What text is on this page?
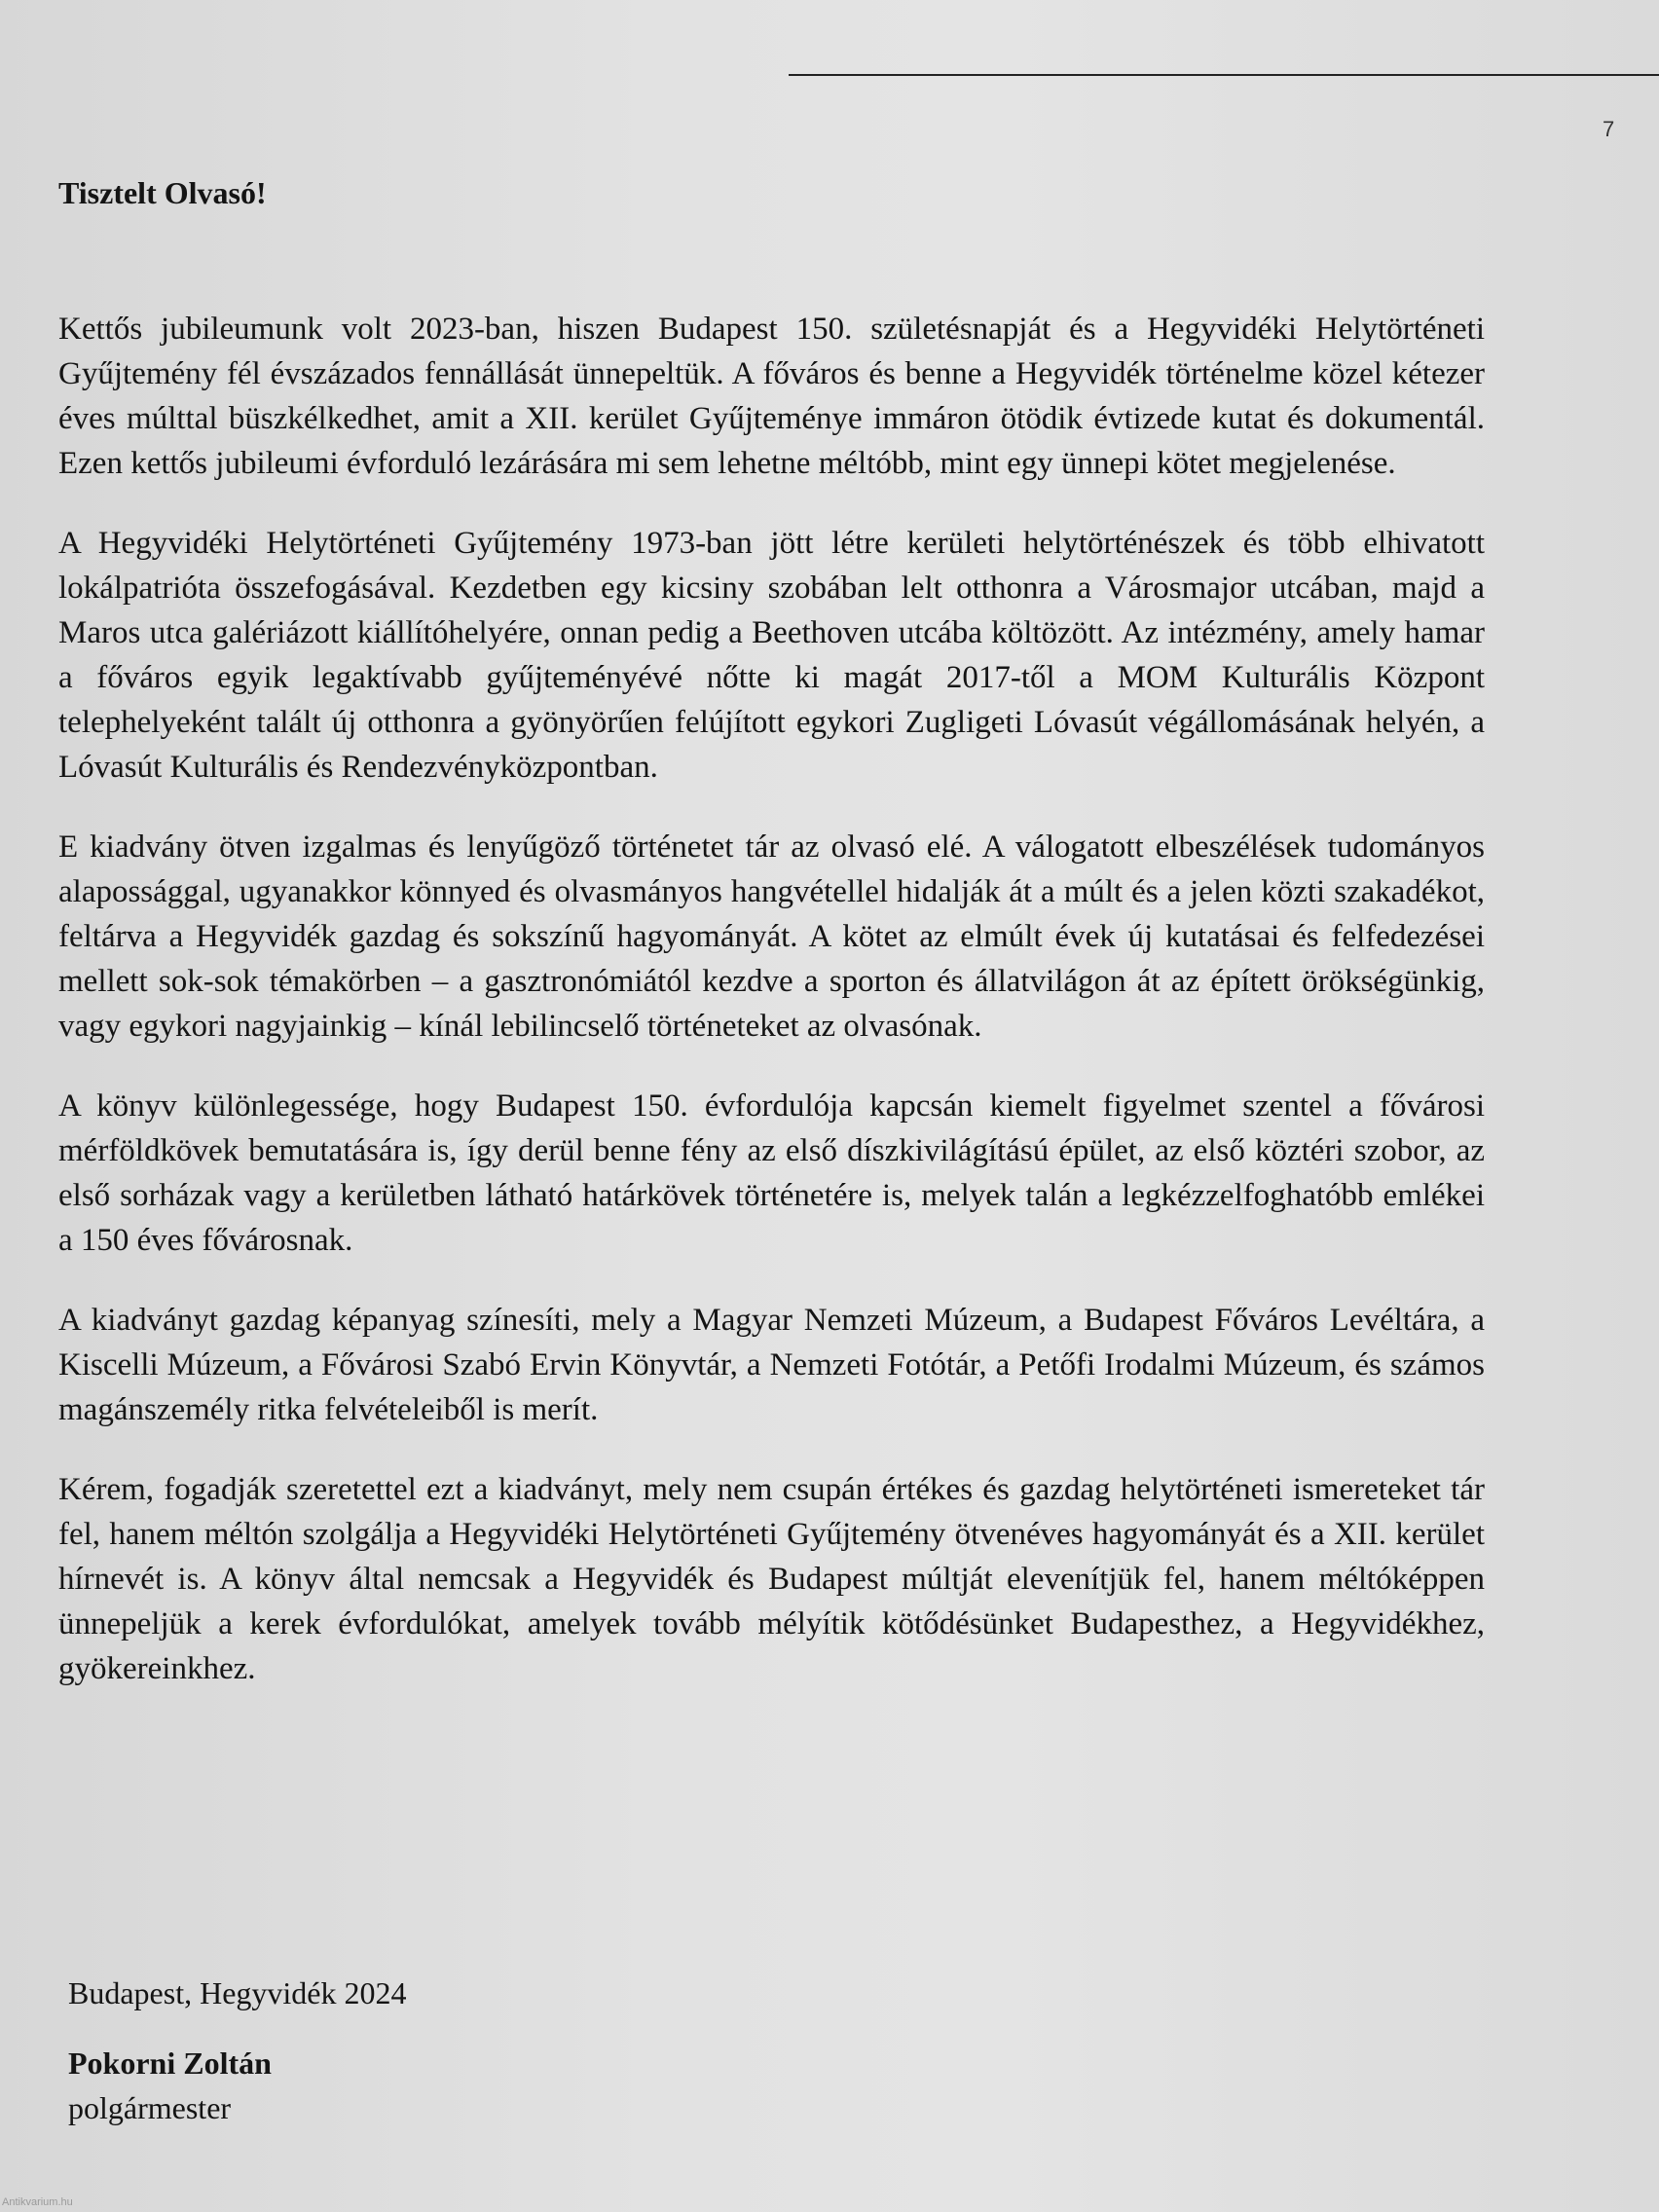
7

Tisztelt Olvasó!

Kettős jubileumunk volt 2023-ban, hiszen Budapest 150. születésnapját és a Hegyvidéki Helytörténeti Gyűjtemény fél évszázados fennállását ünnepeltük. A főváros és benne a Hegyvidék történelme közel kétezer éves múlttal büszkélkedhet, amit a XII. kerület Gyűjteménye immáron ötödik évtizede kutat és dokumentál. Ezen kettős jubileumi évforduló lezárására mi sem lehetne méltóbb, mint egy ünnepi kötet megjelenése.

A Hegyvidéki Helytörténeti Gyűjtemény 1973-ban jött létre kerületi helytörténészek és több elhivatott lokálpatrióta összefogásával. Kezdetben egy kicsiny szobában lelt otthonra a Városmajor utcában, majd a Maros utca galériázott kiállítóhelyére, onnan pedig a Beethoven utcába költözött. Az intézmény, amely hamar a főváros egyik legaktívabb gyűjteményévé nőtte ki magát 2017-től a MOM Kulturális Központ telephelyeként talált új otthonra a gyönyörűen felújított egykori Zugligeti Lóvasút végállomásának helyén, a Lóvasút Kulturális és Rendezvényközpontban.

E kiadvány ötven izgalmas és lenyűgöző történetet tár az olvasó elé. A válogatott elbeszélések tudományos alapossággal, ugyanakkor könnyed és olvasmányos hangvétellel hidalják át a múlt és a jelen közti szakadékot, feltárva a Hegyvidék gazdag és sokszínű hagyományát. A kötet az elmúlt évek új kutatásai és felfedezései mellett sok-sok témakörben – a gasztronómiától kezdve a sporton és állatvilágon át az épített örökségünkig, vagy egykori nagyjainkig – kínál lebilincselő történeteket az olvasónak.

A könyv különlegessége, hogy Budapest 150. évfordulója kapcsán kiemelt figyelmet szentel a fővárosi mérföldkövek bemutatására is, így derül benne fény az első díszkivilágítású épület, az első köztéri szobor, az első sorházak vagy a kerületben látható határkövek történetére is, melyek talán a legkézzelfoghatóbb emlékei a 150 éves fővárosnak.

A kiadványt gazdag képanyag színesíti, mely a Magyar Nemzeti Múzeum, a Budapest Főváros Levéltára, a Kiscelli Múzeum, a Fővárosi Szabó Ervin Könyvtár, a Nemzeti Fotótár, a Petőfi Irodalmi Múzeum, és számos magánszemély ritka felvételeiből is merít.

Kérem, fogadják szeretettel ezt a kiadványt, mely nem csupán értékes és gazdag helytörténeti ismereteket tár fel, hanem méltón szolgálja a Hegyvidéki Helytörténeti Gyűjtemény ötvenéves hagyományát és a XII. kerület hírnevét is. A könyv által nemcsak a Hegyvidék és Budapest múltját elevenítjük fel, hanem méltóképpen ünnepeljük a kerek évfordulókat, amelyek tovább mélyítik kötődésünket Budapesthez, a Hegyvidékhez, gyökereinkhez.

Budapest, Hegyvidék 2024

Pokorni Zoltán

polgármester

Antikvarium.hu
